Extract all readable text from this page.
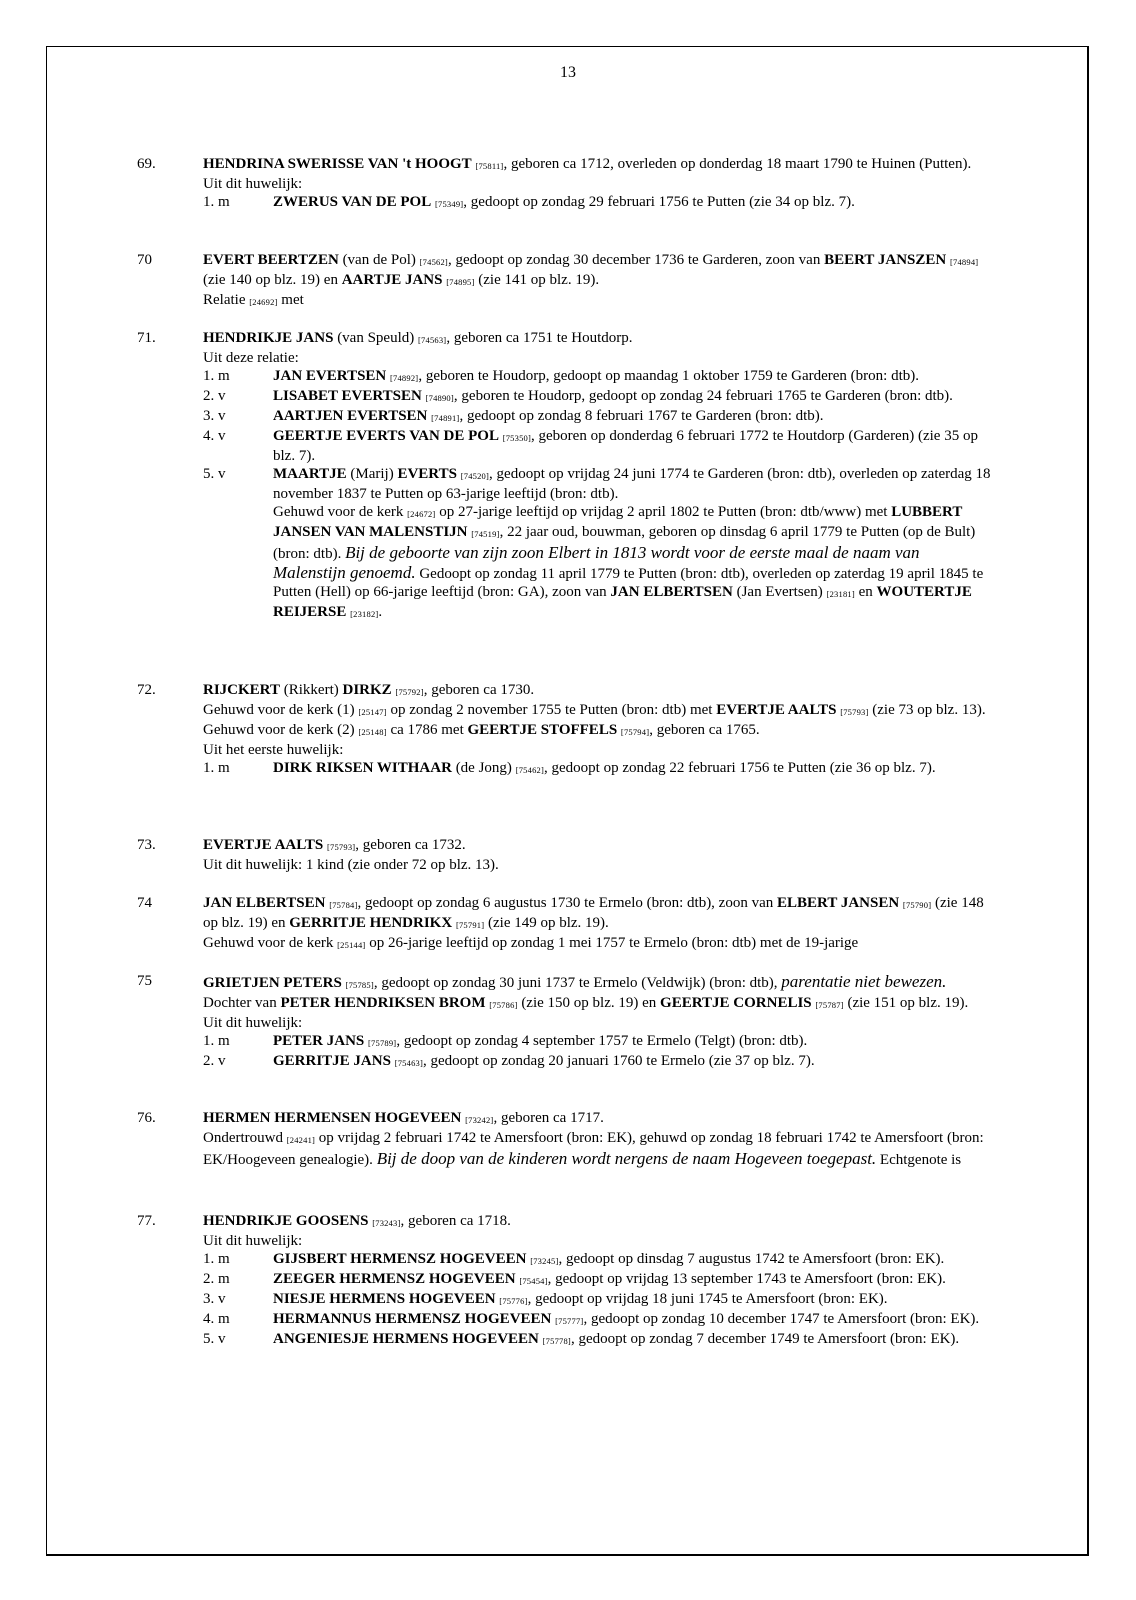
13
69.	HENDRINA SWERISSE VAN 't HOOGT [75811], geboren ca 1712, overleden op donderdag 18 maart 1790 te Huinen (Putten).
Uit dit huwelijk:
1. m	ZWERUS VAN DE POL [75349], gedoopt op zondag 29 februari 1756 te Putten (zie 34 op blz. 7).
70	EVERT BEERTZEN (van de Pol) [74562], gedoopt op zondag 30 december 1736 te Garderen, zoon van BEERT JANSZEN [74894] (zie 140 op blz. 19) en AARTJE JANS [74895] (zie 141 op blz. 19).
Relatie [24692] met
71.	HENDRIKJE JANS (van Speuld) [74563], geboren ca 1751 te Houtdorp.
Uit deze relatie:
1. m	JAN EVERTSEN [74892], geboren te Houdorp, gedoopt op maandag 1 oktober 1759 te Garderen (bron: dtb).
2. v	LISABET EVERTSEN [74890], geboren te Houdorp, gedoopt op zondag 24 februari 1765 te Garderen (bron: dtb).
3. v	AARTJEN EVERTSEN [74891], gedoopt op zondag 8 februari 1767 te Garderen (bron: dtb).
4. v	GEERTJE EVERTS VAN DE POL [75350], geboren op donderdag 6 februari 1772 te Houtdorp (Garderen) (zie 35 op blz. 7).
5. v	MAARTJE (Marij) EVERTS [74520], gedoopt op vrijdag 24 juni 1774 te Garderen (bron: dtb), overleden op zaterdag 18 november 1837 te Putten op 63-jarige leeftijd (bron: dtb).
Gehuwd voor de kerk [24672] op 27-jarige leeftijd op vrijdag 2 april 1802 te Putten (bron: dtb/www) met LUBBERT JANSEN VAN MALENSTIJN [74519], 22 jaar oud, bouwman, geboren op dinsdag 6 april 1779 te Putten (op de Bult) (bron: dtb). Bij de geboorte van zijn zoon Elbert in 1813 wordt voor de eerste maal de naam van Malenstijn genoemd. Gedoopt op zondag 11 april 1779 te Putten (bron: dtb), overleden op zaterdag 19 april 1845 te Putten (Hell) op 66-jarige leeftijd (bron: GA), zoon van JAN ELBERTSEN (Jan Evertsen) [23181] en WOUTERTJE REIJERSE [23182].
72.	RIJCKERT (Rikkert) DIRKZ [75792], geboren ca 1730.
Gehuwd voor de kerk (1) [25147] op zondag 2 november 1755 te Putten (bron: dtb) met EVERTJE AALTS [75793] (zie 73 op blz. 13).
Gehuwd voor de kerk (2) [25148] ca 1786 met GEERTJE STOFFELS [75794], geboren ca 1765.
Uit het eerste huwelijk:
1. m	DIRK RIKSEN WITHAAR (de Jong) [75462], gedoopt op zondag 22 februari 1756 te Putten (zie 36 op blz. 7).
73.	EVERTJE AALTS [75793], geboren ca 1732.
Uit dit huwelijk: 1 kind (zie onder 72 op blz. 13).
74	JAN ELBERTSEN [75784], gedoopt op zondag 6 augustus 1730 te Ermelo (bron: dtb), zoon van ELBERT JANSEN [75790] (zie 148 op blz. 19) en GERRITJE HENDRIKX [75791] (zie 149 op blz. 19).
Gehuwd voor de kerk [25144] op 26-jarige leeftijd op zondag 1 mei 1757 te Ermelo (bron: dtb) met de 19-jarige
75	GRIETJEN PETERS [75785], gedoopt op zondag 30 juni 1737 te Ermelo (Veldwijk) (bron: dtb), parentatie niet bewezen. Dochter van PETER HENDRIKSEN BROM [75786] (zie 150 op blz. 19) en GEERTJE CORNELIS [75787] (zie 151 op blz. 19).
Uit dit huwelijk:
1. m	PETER JANS [75789], gedoopt op zondag 4 september 1757 te Ermelo (Telgt) (bron: dtb).
2. v	GERRITJE JANS [75463], gedoopt op zondag 20 januari 1760 te Ermelo (zie 37 op blz. 7).
76.	HERMEN HERMENSEN HOGEVEEN [73242], geboren ca 1717.
Ondertrouwd [24241] op vrijdag 2 februari 1742 te Amersfoort (bron: EK), gehuwd op zondag 18 februari 1742 te Amersfoort (bron: EK/Hoogeveen genealogie). Bij de doop van de kinderen wordt nergens de naam Hogeveen toegepast. Echtgenote is
77.	HENDRIKJE GOOSENS [73243], geboren ca 1718.
Uit dit huwelijk:
1. m	GIJSBERT HERMENSZ HOGEVEEN [73245], gedoopt op dinsdag 7 augustus 1742 te Amersfoort (bron: EK).
2. m	ZEEGER HERMENSZ HOGEVEEN [75454], gedoopt op vrijdag 13 september 1743 te Amersfoort (bron: EK).
3. v	NIESJE HERMENS HOGEVEEN [75776], gedoopt op vrijdag 18 juni 1745 te Amersfoort (bron: EK).
4. m	HERMANNUS HERMENSZ HOGEVEEN [75777], gedoopt op zondag 10 december 1747 te Amersfoort (bron: EK).
5. v	ANGENIESJE HERMENS HOGEVEEN [75778], gedoopt op zondag 7 december 1749 te Amersfoort (bron: EK).
